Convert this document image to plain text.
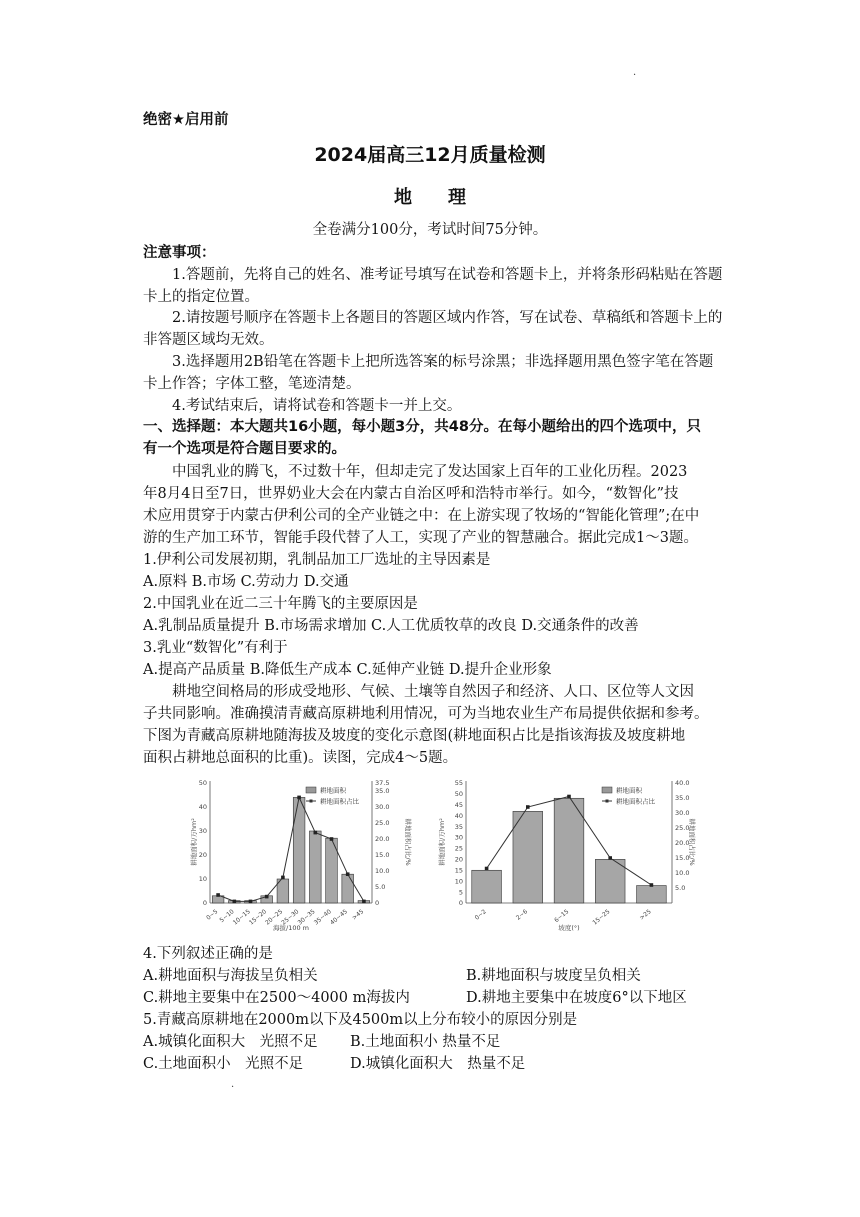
·
绝密★启用前
2024届高三12月质量检测
地　　理
全卷满分100分，考试时间75分钟。
注意事项：
1.答题前，先将自己的姓名、准考证号填写在试卷和答题卡上，并将条形码粘贴在答题
卡上的指定位置。
2.请按题号顺序在答题卡上各题目的答题区域内作答，写在试卷、草稿纸和答题卡上的
非答题区域均无效。
3.选择题用2B铅笔在答题卡上把所选答案的标号涂黑；非选择题用黑色签字笔在答题
卡上作答；字体工整，笔迹清楚。
4.考试结束后，请将试卷和答题卡一并上交。
一、选择题：本大题共16小题，每小题3分，共48分。在每小题给出的四个选项中，只
有一个选项是符合题目要求的。
中国乳业的腾飞，不过数十年，但却走完了发达国家上百年的工业化历程。2023
年8月4日至7日，世界奶业大会在内蒙古自治区呼和浩特市举行。如今，“数智化”技
术应用贯穿于内蒙古伊利公司的全产业链之中：在上游实现了牧场的“智能化管理”;在中
游的生产加工环节，智能手段代替了人工，实现了产业的智慧融合。据此完成1～3题。
1.伊利公司发展初期，乳制品加工厂选址的主导因素是
A.原料 B.市场 C.劳动力 D.交通
2.中国乳业在近二三十年腾飞的主要原因是
A.乳制品质量提升 B.市场需求增加 C.人工优质牧草的改良 D.交通条件的改善
3.乳业“数智化”有利于
A.提高产品质量 B.降低生产成本 C.延伸产业链 D.提升企业形象
耕地空间格局的形成受地形、气候、土壤等自然因子和经济、人口、区位等人文因
子共同影响。准确摸清青藏高原耕地利用情况，可为当地农业生产布局提供依据和参考。
下图为青藏高原耕地随海拔及坡度的变化示意图(耕地面积占比是指该海拔及坡度耕地
面积占耕地总面积的比重)。读图，完成4～5题。
0
10
20
30
40
50
0
5.0
10.0
15.0
20.0
25.0
30.0
35.0
37.5
0~5 5~10
10~15
15~20
20~25
25~30
30~35
35~40
40~45 >45
耕地面积/万hm²	耕地面积占比/%
海拔/100 m
耕地面积
耕地面积占比
0
5
10
15
20
25
30
35
40
45
50
55
5.0
10.0
15.0
20.0
25.0
30.0
35.0
40.0
0~2	2~6	6~15	15~25	>25
耕地面积/万hm²	耕地面积占比/%
坡度(°)
耕地面积
耕地面积占比
4.下列叙述正确的是
A.耕地面积与海拔呈负相关	B.耕地面积与坡度呈负相关
C.耕地主要集中在2500～4000 m海拔内	D.耕地主要集中在坡度6°以下地区
5.青藏高原耕地在2000m以下及4500m以上分布较小的原因分别是
A.城镇化面积大　光照不足 B.土地面积小 热量不足
C.土地面积小　光照不足	D.城镇化面积大　热量不足
·
